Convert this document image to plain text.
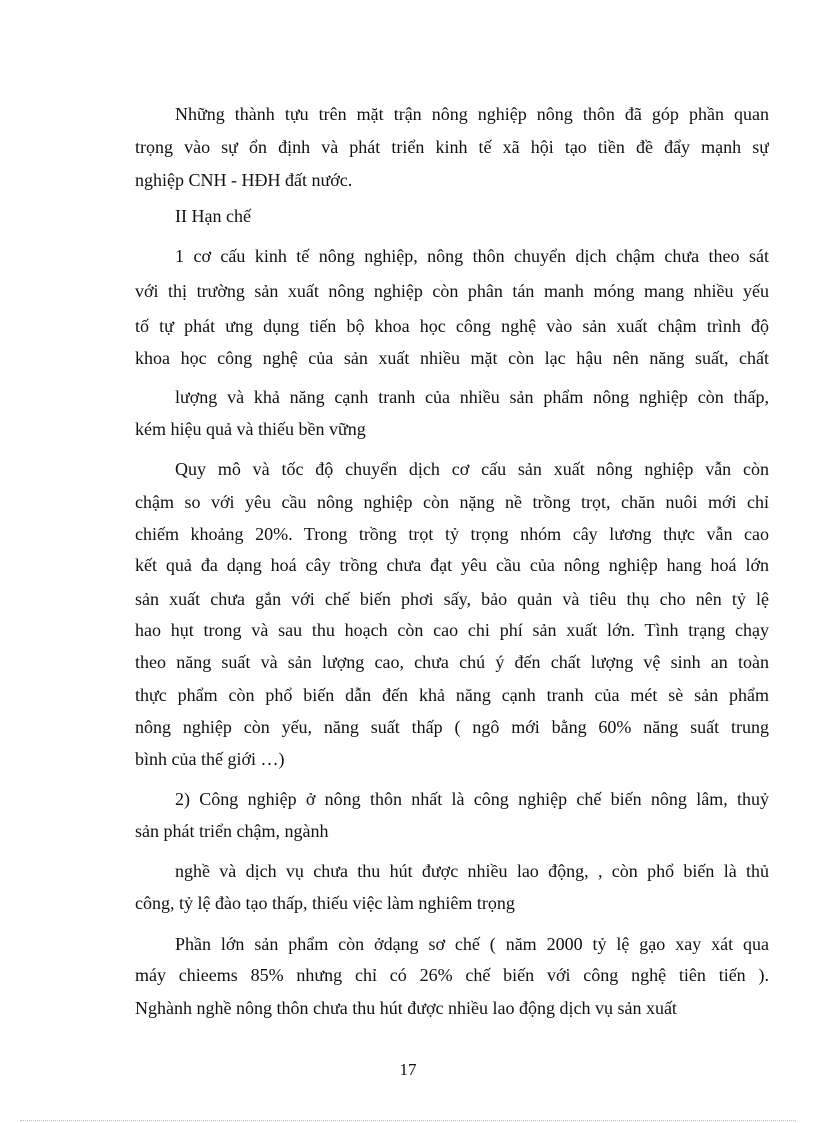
Những thành tựu trên mặt trận nông nghiệp nông thôn đã góp phần quan
trọng vào sự ổn định và phát triển kinh tế xã hội tạo tiền đề đẩy mạnh sự
nghiệp CNH - HĐH đất nước.
II Hạn chế
1 cơ cấu kinh tế nông nghiệp, nông thôn chuyển dịch chậm chưa theo sát
với thị trường sản xuất nông nghiệp còn phân tán manh móng mang nhiều yếu
tố tự phát ưng dụng tiến bộ khoa học công nghệ vào sản xuất chậm trình độ
khoa học công nghệ của sản xuất nhiều mặt còn lạc hậu nên năng suất, chất
lượng và khả năng cạnh tranh của nhiều sản phẩm nông nghiệp còn thấp,
kém hiệu quả và thiếu bền vững
Quy mô và tốc độ chuyển dịch cơ cấu sản xuất nông nghiệp vẫn còn
chậm so với yêu cầu nông nghiệp còn nặng nề trồng trọt, chăn nuôi mới chỉ
chiếm khoảng 20%. Trong trồng trọt tỷ trọng nhóm cây lương thực vẫn cao
kết quả đa dạng hoá cây trồng chưa đạt yêu cầu của nông nghiệp hang hoá lớn
sản xuất chưa gắn với chế biến phơi sấy, bảo quản và tiêu thụ cho nên tỷ lệ
hao hụt trong và sau thu hoạch còn cao chi phí sản xuất lớn. Tình trạng chạy
theo năng suất và sản lượng cao, chưa chú ý đến chất lượng vệ sinh an toàn
thực phẩm còn phổ biến dẫn đến khả năng cạnh tranh của mét sè sản phẩm
nông nghiệp còn yếu, năng suất thấp ( ngô mới bằng 60% năng suất trung
bình của thế giới …)
2) Công nghiệp ở nông thôn nhất là công nghiệp chế biến nông lâm, thuỷ
sản phát triển chậm, ngành
nghề và dịch vụ chưa thu hút được nhiều lao động, , còn phổ biến là thủ
công, tỷ lệ đào tạo thấp, thiếu việc làm nghiêm trọng
Phần lớn sản phẩm còn ởdạng sơ chế ( năm 2000 tỷ lệ gạo xay xát qua
máy chieems 85% nhưng chỉ có 26% chế biến với công nghệ tiên tiến ).
Nghành nghề nông thôn chưa thu hút được nhiều lao động dịch vụ sản xuất
17
